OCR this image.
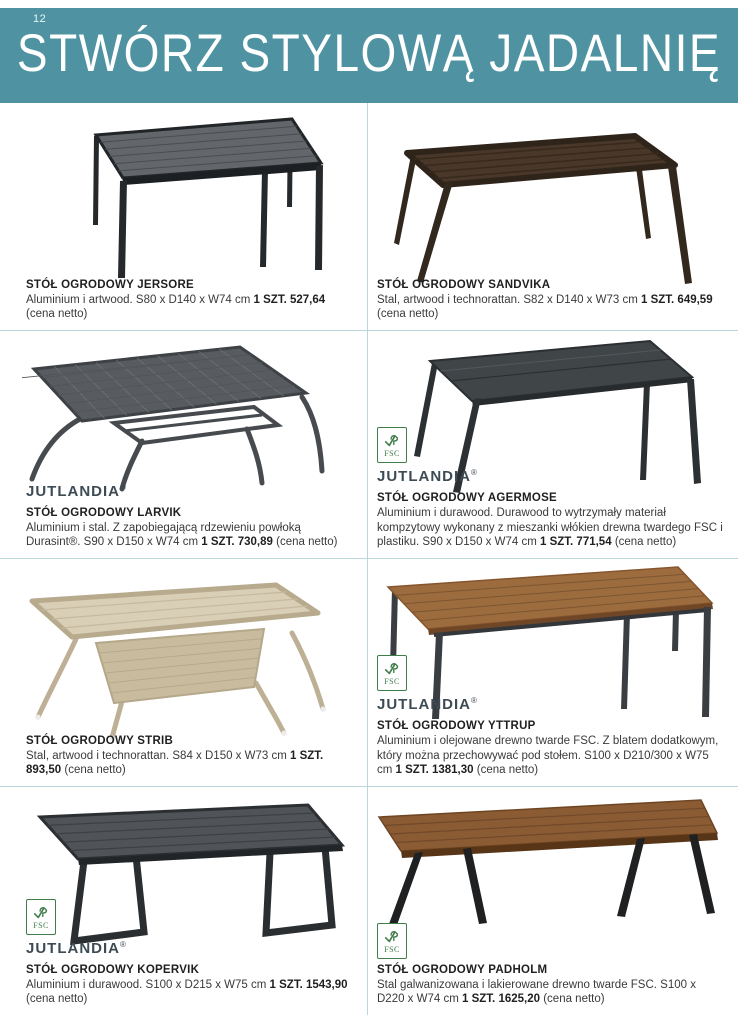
12
STWÓRZ STYLOWĄ JADALNIĘ
STÓŁ OGRODOWY JERSORE

Aluminium i artwood. S80 x D140 x W74 cm 1 SZT. 527,64 (cena netto)

STÓŁ OGRODOWY SANDVIKA

Stal, artwood i technorattan. S82 x D140 x W73 cm 1 SZT. 649,59 (cena netto)

JUTLANDIA®
STÓŁ OGRODOWY LARVIK

Aluminium i stal. Z zapobiegającą rdzewieniu powłoką Durasint®. S90 x D150 x W74 cm 1 SZT. 730,89 (cena netto)

FSC
JUTLANDIA®
STÓŁ OGRODOWY AGERMOSE

Aluminium i durawood. Durawood to wytrzymały materiał kompzytowy wykonany z mieszanki włókien drewna twardego FSC i plastiku. S90 x D150 x W74 cm 1 SZT. 771,54 (cena netto)

STÓŁ OGRODOWY STRIB

Stal, artwood i technorattan. S84 x D150 x W73 cm 1 SZT. 893,50 (cena netto)

FSC
JUTLANDIA®
STÓŁ OGRODOWY YTTRUP

Aluminium i olejowane drewno twarde FSC. Z blatem dodatkowym, który można przechowywać pod stołem. S100 x D210/300 x W75 cm 1 SZT. 1381,30 (cena netto)

FSC
JUTLANDIA®
STÓŁ OGRODOWY KOPERVIK

Aluminium i durawood. S100 x D215 x W75 cm 1 SZT. 1543,90 (cena netto)

FSC
STÓŁ OGRODOWY PADHOLM

Stal galwanizowana i lakierowane drewno twarde FSC. S100 x D220 x W74 cm 1 SZT. 1625,20 (cena netto)
